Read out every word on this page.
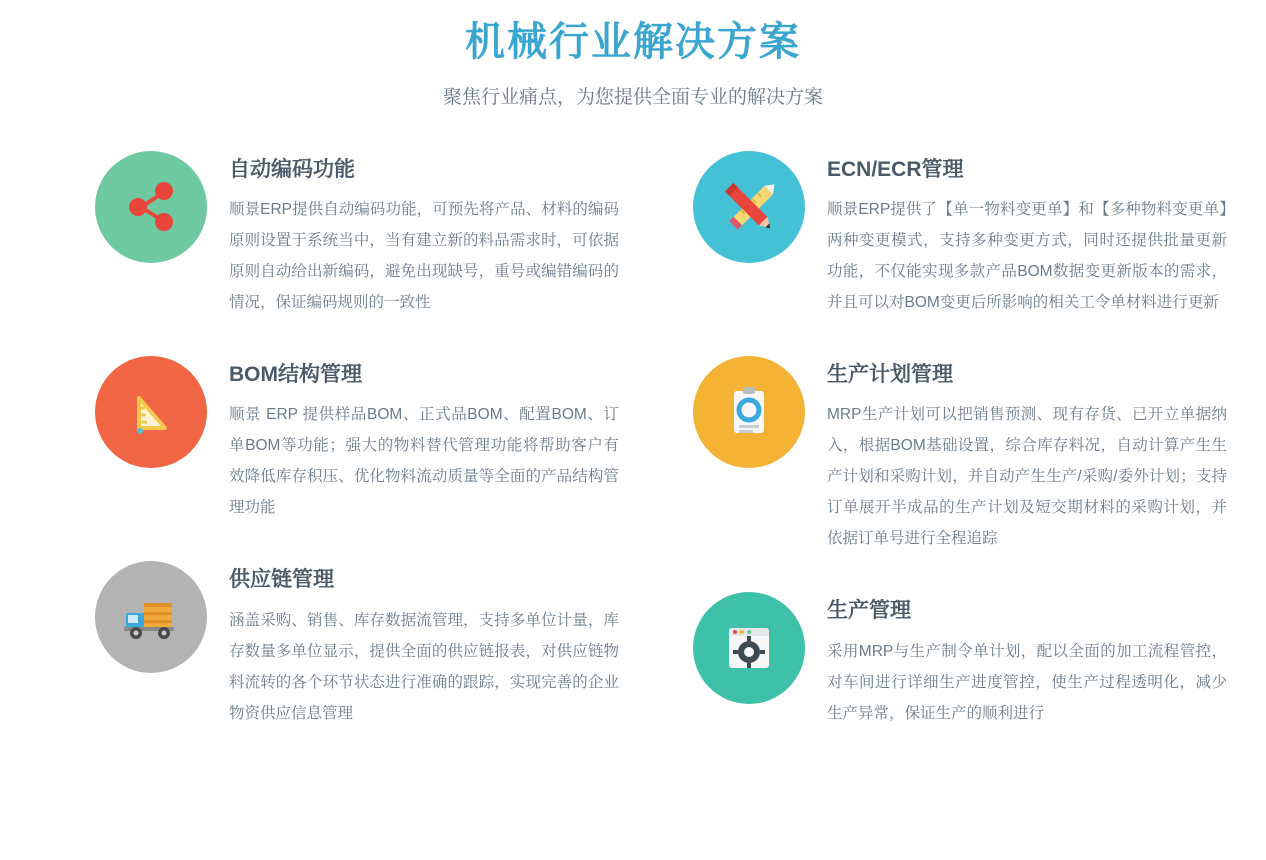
机械行业解决方案

聚焦行业痛点，为您提供全面专业的解决方案

自动编码功能

顺景ERP提供自动编码功能，可预先将产品、材料的编码原则设置于系统当中，当有建立新的料品需求时，可依据原则自动给出新编码，避免出现缺号，重号或编错编码的情况，保证编码规则的一致性

BOM结构管理

顺景 ERP 提供样品BOM、正式品BOM、配置BOM、订单BOM等功能；强大的物料替代管理功能将帮助客户有效降低库存积压、优化物料流动质量等全面的产品结构管理功能

供应链管理

涵盖采购、销售、库存数据流管理，支持多单位计量，库存数量多单位显示，提供全面的供应链报表，对供应链物料流转的各个环节状态进行准确的跟踪，实现完善的企业物资供应信息管理

ECN/ECR管理

顺景ERP提供了【单一物料变更单】和【多种物料变更单】两种变更模式，支持多种变更方式，同时还提供批量更新功能，不仅能实现多款产品BOM数据变更新版本的需求，并且可以对BOM变更后所影响的相关工令单材料进行更新

生产计划管理

MRP生产计划可以把销售预测、现有存货、已开立单据纳入，根据BOM基础设置，综合库存料况，自动计算产生生产计划和采购计划，并自动产生生产/采购/委外计划；支持订单展开半成品的生产计划及短交期材料的采购计划，并依据订单号进行全程追踪

生产管理

采用MRP与生产制令单计划，配以全面的加工流程管控，对车间进行详细生产进度管控，使生产过程透明化，减少生产异常，保证生产的顺利进行
